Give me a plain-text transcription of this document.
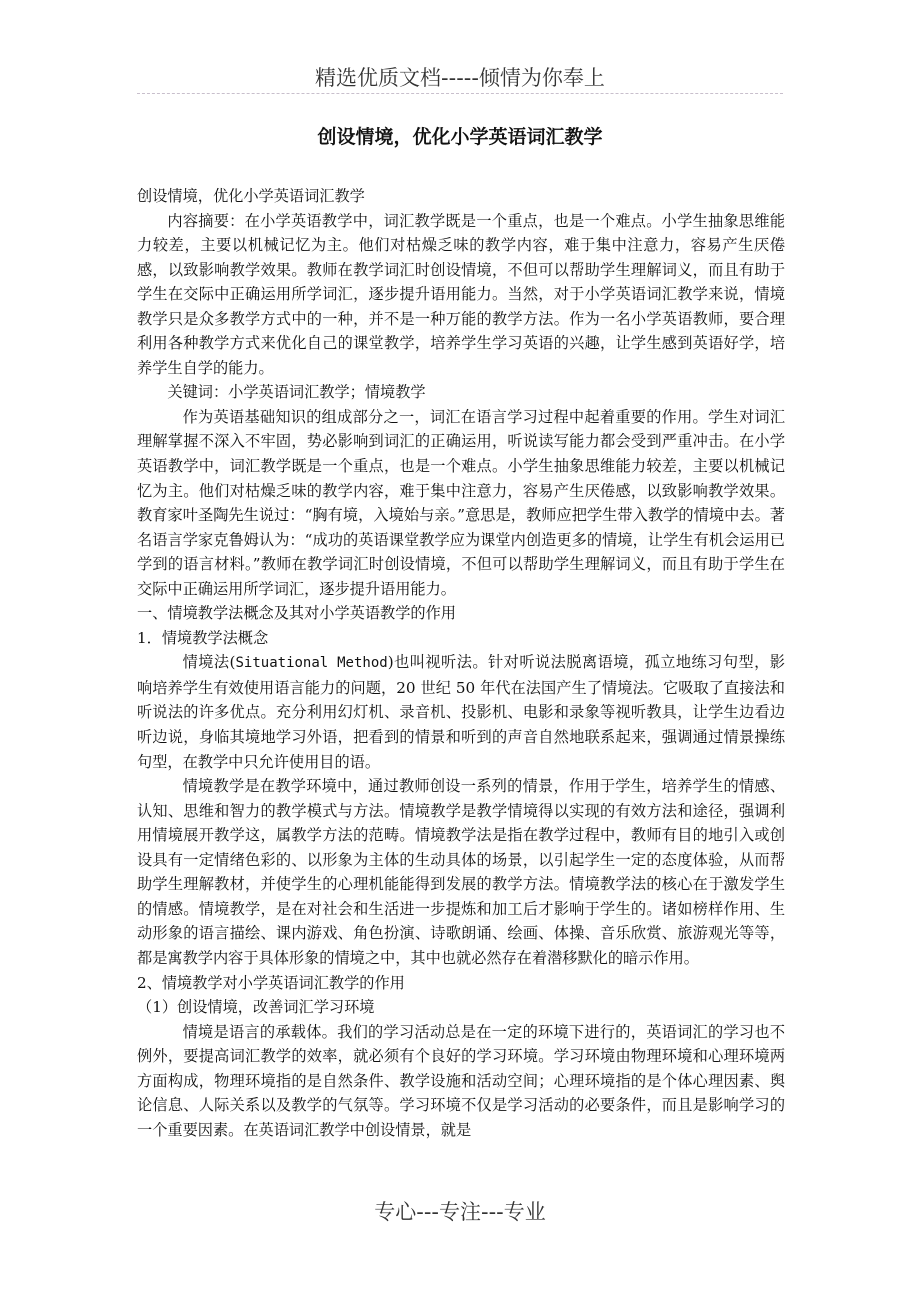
精选优质文档-----倾情为你奉上
创设情境，优化小学英语词汇教学

创设情境，优化小学英语词汇教学

内容摘要：在小学英语教学中，词汇教学既是一个重点，也是一个难点。小学生抽象思维能力较差，主要以机械记忆为主。他们对枯燥乏味的教学内容，难于集中注意力，容易产生厌倦感，以致影响教学效果。教师在教学词汇时创设情境，不但可以帮助学生理解词义，而且有助于学生在交际中正确运用所学词汇，逐步提升语用能力。当然，对于小学英语词汇教学来说，情境教学只是众多教学方式中的一种，并不是一种万能的教学方法。作为一名小学英语教师，要合理利用各种教学方式来优化自己的课堂教学，培养学生学习英语的兴趣，让学生感到英语好学，培养学生自学的能力。

关键词：小学英语词汇教学；情境教学

作为英语基础知识的组成部分之一，词汇在语言学习过程中起着重要的作用。学生对词汇理解掌握不深入不牢固，势必影响到词汇的正确运用，听说读写能力都会受到严重冲击。在小学英语教学中，词汇教学既是一个重点，也是一个难点。小学生抽象思维能力较差，主要以机械记忆为主。他们对枯燥乏味的教学内容，难于集中注意力，容易产生厌倦感，以致影响教学效果。教育家叶圣陶先生说过：“胸有境，入境始与亲。”意思是，教师应把学生带入教学的情境中去。著名语言学家克鲁姆认为：“成功的英语课堂教学应为课堂内创造更多的情境，让学生有机会运用已学到的语言材料。”教师在教学词汇时创设情境，不但可以帮助学生理解词义，而且有助于学生在交际中正确运用所学词汇，逐步提升语用能力。

一、情境教学法概念及其对小学英语教学的作用

1．情境教学法概念

情境法(Situational Method)也叫视听法。针对听说法脱离语境，孤立地练习句型，影响培养学生有效使用语言能力的问题，20 世纪 50 年代在法国产生了情境法。它吸取了直接法和听说法的许多优点。充分利用幻灯机、录音机、投影机、电影和录象等视听教具，让学生边看边听边说，身临其境地学习外语，把看到的情景和听到的声音自然地联系起来，强调通过情景操练句型，在教学中只允许使用目的语。

情境教学是在教学环境中，通过教师创设一系列的情景，作用于学生，培养学生的情感、认知、思维和智力的教学模式与方法。情境教学是教学情境得以实现的有效方法和途径，强调利用情境展开教学这，属教学方法的范畴。情境教学法是指在教学过程中，教师有目的地引入或创设具有一定情绪色彩的、以形象为主体的生动具体的场景，以引起学生一定的态度体验，从而帮助学生理解教材，并使学生的心理机能能得到发展的教学方法。情境教学法的核心在于激发学生的情感。情境教学，是在对社会和生活进一步提炼和加工后才影响于学生的。诸如榜样作用、生动形象的语言描绘、课内游戏、角色扮演、诗歌朗诵、绘画、体操、音乐欣赏、旅游观光等等，都是寓教学内容于具体形象的情境之中，其中也就必然存在着潜移默化的暗示作用。

2、情境教学对小学英语词汇教学的作用

（1）创设情境，改善词汇学习环境

情境是语言的承载体。我们的学习活动总是在一定的环境下进行的，英语词汇的学习也不例外，要提高词汇教学的效率，就必须有个良好的学习环境。学习环境由物理环境和心理环境两方面构成，物理环境指的是自然条件、教学设施和活动空间；心理环境指的是个体心理因素、舆论信息、人际关系以及教学的气氛等。学习环境不仅是学习活动的必要条件，而且是影响学习的一个重要因素。在英语词汇教学中创设情景，就是

专心---专注---专业
